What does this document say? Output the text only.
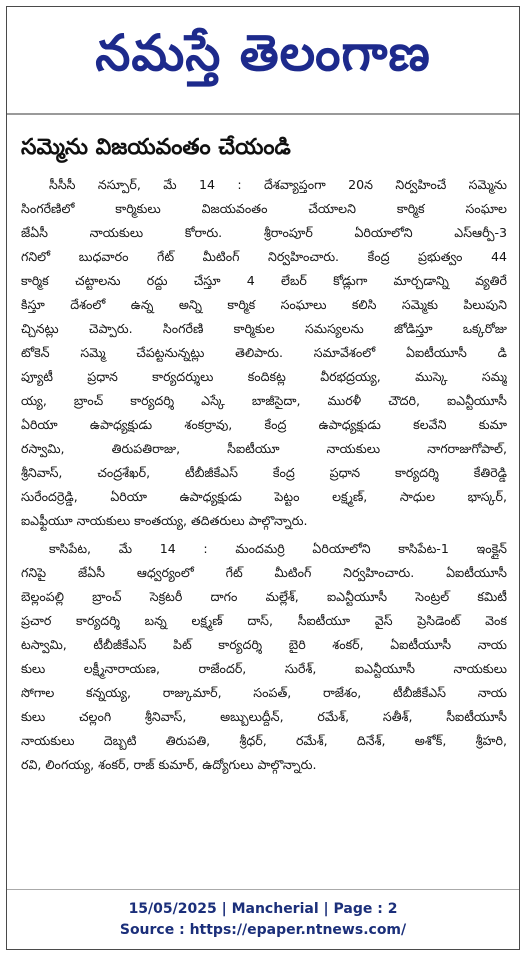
నమస్తే తెలంగాణ
సమ్మెను విజయవంతం చేయండి
సీసీసీ నస్పూర్, మే 14 : దేశవ్యాప్తంగా 20న నిర్వహించే సమ్మెను
సింగరేణిలో కార్మికులు విజయవంతం చేయాలని కార్మిక సంఘాల
జేఏసీ నాయకులు కోరారు. శ్రీరాంపూర్ ఏరియాలోని ఎస్ఆర్పీ-3
గనిలో బుధవారం గేట్ మీటింగ్ నిర్వహించారు. కేంద్ర ప్రభుత్వం 44
కార్మిక చట్టాలను రద్దు చేస్తూ 4 లేబర్ కోడ్లుగా మార్చడాన్ని వ్యతిరే
కిస్తూ దేశంలో ఉన్న అన్ని కార్మిక సంఘాలు కలిసి సమ్మెకు పిలుపుని
చ్చినట్లు చెప్పారు. సింగరేణి కార్మికుల సమస్యలను జోడిస్తూ ఒక్కరోజు
టోకెన్ సమ్మె చేపట్టనున్నట్లు తెలిపారు. సమావేశంలో ఏఐటీయూసీ డి
ప్యూటీ ప్రధాన కార్యదర్శులు కందికట్ల వీరభద్రయ్య, ముస్కె సమ్మ
య్య, బ్రాంచ్ కార్యదర్శి ఎస్కే బాజీసైదా, మురళీ చౌదరి, ఐఎన్టీయూసీ
ఏరియా ఉపాధ్యక్షుడు శంకర్రావు, కేంద్ర ఉపాధ్యక్షుడు కలవేని కుమా
రస్వామి, తిరుపతిరాజు, సీఐటీయూ నాయకులు నాగరాజుగోపాల్,
శ్రీనివాస్, చంద్రశేఖర్, టీబీజీకేఎస్ కేంద్ర ప్రధాన కార్యదర్శి కేతిరెడ్డి
సురేందర్రెడ్డి, ఏరియా ఉపాధ్యక్షుడు పెట్టం లక్ష్మణ్, సాధుల భాస్కర్,
ఐఎఫ్టీయూ నాయకులు కాంతయ్య, తదితరులు పాల్గొన్నారు.
కాసిపేట, మే 14 : మందమర్రి ఏరియాలోని కాసిపేట-1 ఇంక్లైన్
గనిపై జేఏసీ ఆధ్వర్యంలో గేట్ మీటింగ్ నిర్వహించారు. ఏఐటీయూసీ
బెల్లంపల్లి బ్రాంచ్ సెక్రటరీ దాగం మల్లేశ్, ఐఎన్టీయూసీ సెంట్రల్ కమిటీ
ప్రచార కార్యదర్శి బన్న లక్ష్మణ్ దాస్, సీఐటీయూ వైస్ ప్రెసిడెంట్ వెంక
టస్వామి, టీబీజీకేఎస్ పిట్ కార్యదర్శి బైరి శంకర్, ఏఐటీయూసీ నాయ
కులు లక్ష్మీనారాయణ, రాజేందర్, సురేశ్, ఐఎన్టీయూసీ నాయకులు
సోగాల కన్నయ్య, రాజ్కుమార్, సంపత్, రాజేశం, టీబీజీకేఎస్ నాయ
కులు చల్లంగి శ్రీనివాస్, అబ్బులుద్దీన్, రమేశ్, సతీశ్, సీఐటీయూసీ
నాయకులు దెబ్బటి తిరుపతి, శ్రీధర్, రమేశ్, దినేశ్, అశోక్, శ్రీహరి,
రవి, లింగయ్య, శంకర్, రాజ్ కుమార్, ఉద్యోగులు పాల్గొన్నారు.
15/05/2025 | Mancherial | Page : 2
Source : https://epaper.ntnews.com/
